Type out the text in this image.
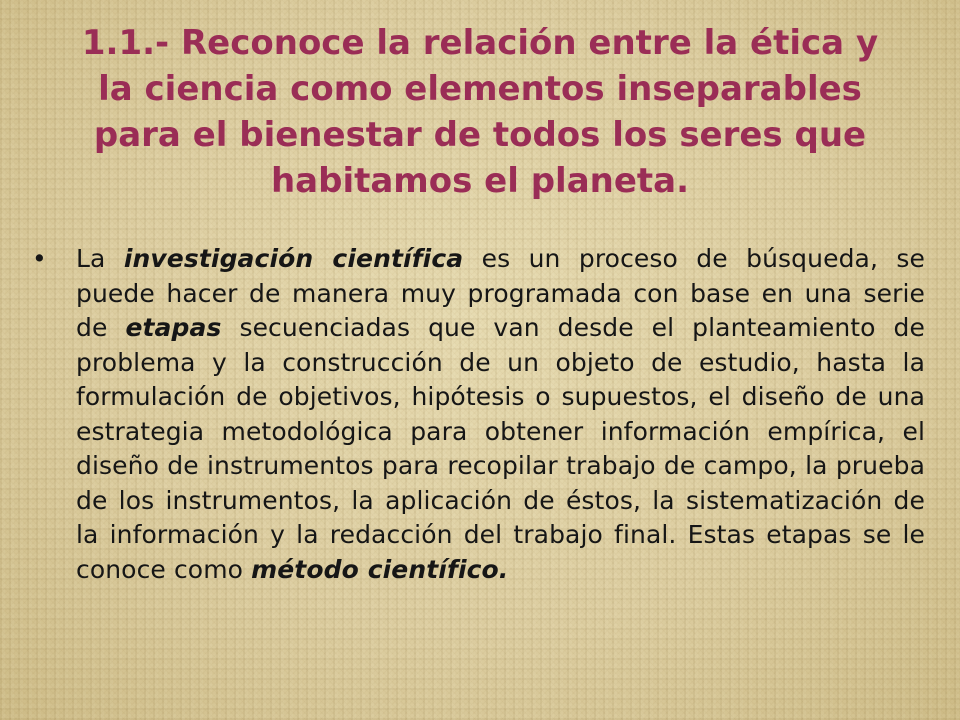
1.1.- Reconoce la relación entre la ética y la ciencia como elementos inseparables para el bienestar de todos los seres que habitamos el planeta.
• La investigación científica es un proceso de búsqueda, se puede hacer de manera muy programada con base en una serie de etapas secuenciadas que van desde el planteamiento de problema y la construcción de un objeto de estudio, hasta la formulación de objetivos, hipótesis o supuestos, el diseño de una estrategia metodológica para obtener información empírica, el diseño de instrumentos para recopilar trabajo de campo, la prueba de los instrumentos, la aplicación de éstos, la sistematización de la información y la redacción del trabajo final. Estas etapas se le conoce como método científico.
